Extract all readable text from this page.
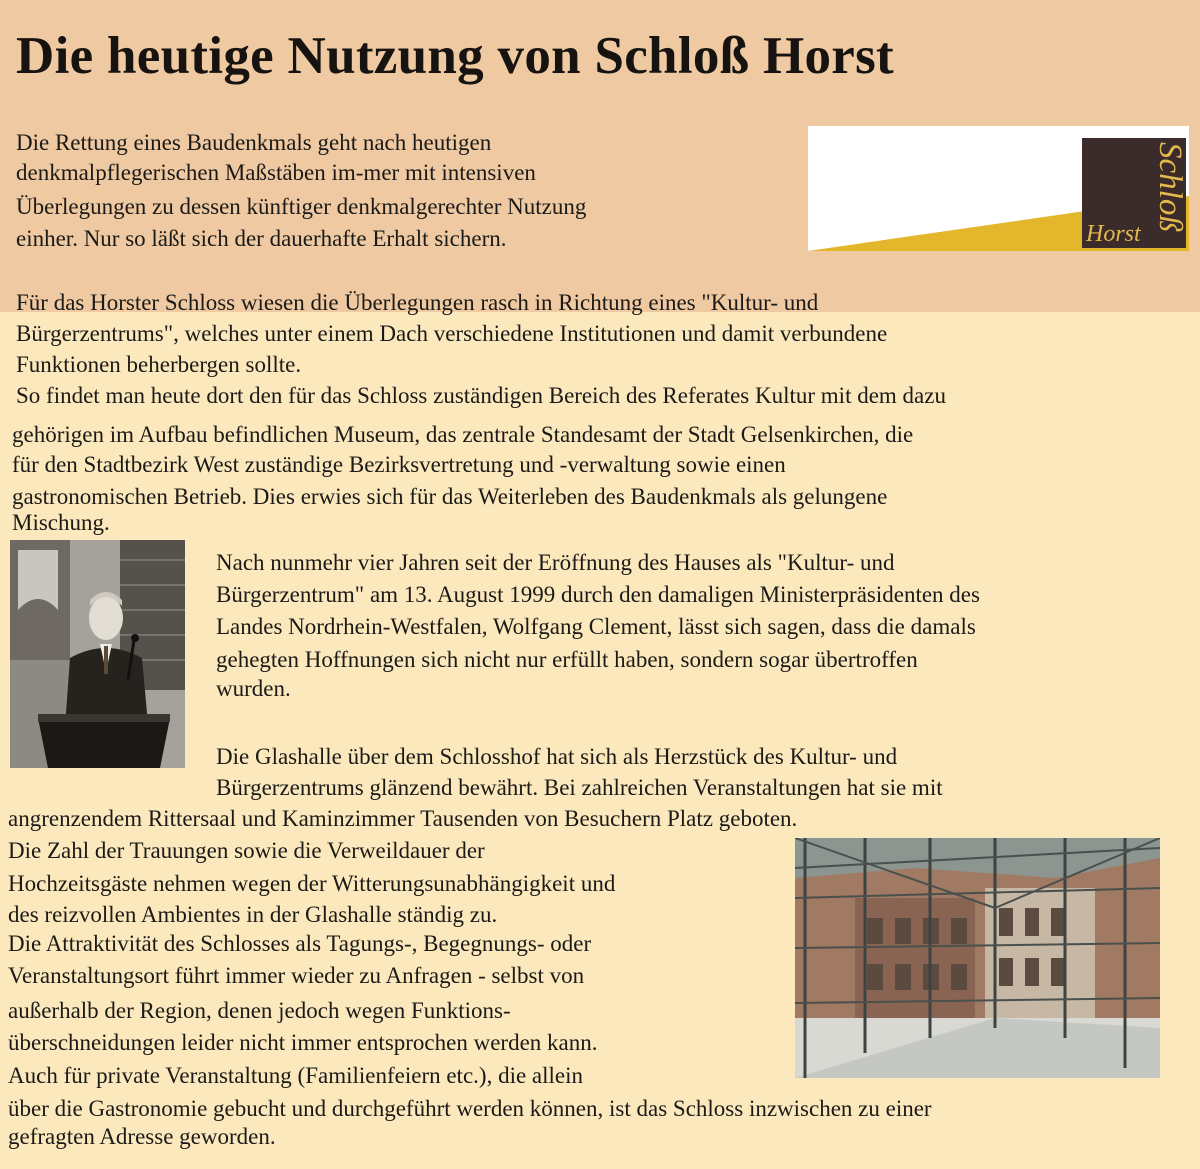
Die heutige Nutzung von Schloß Horst

Die Rettung eines Baudenkmals geht nach heutigen

denkmalpflegerischen Maßstäben im-mer mit intensiven

Überlegungen zu dessen künftiger denkmalgerechter Nutzung

einher. Nur so läßt sich der dauerhafte Erhalt sichern.

Schloß
Horst

Für das Horster Schloss wiesen die Überlegungen rasch in Richtung eines "Kultur- und

Bürgerzentrums", welches unter einem Dach verschiedene Institutionen und damit verbundene

Funktionen beherbergen sollte.

So findet man heute dort den für das Schloss zuständigen Bereich des Referates Kultur mit dem dazu

gehörigen im Aufbau befindlichen Museum, das zentrale Standesamt der Stadt Gelsenkirchen, die

für den Stadtbezirk West zuständige Bezirksvertretung und -verwaltung sowie einen

gastronomischen Betrieb. Dies erwies sich für das Weiterleben des Baudenkmals als gelungene

Mischung.

Nach nunmehr vier Jahren seit der Eröffnung des Hauses als "Kultur- und

Bürgerzentrum" am 13. August 1999 durch den damaligen Ministerpräsidenten des

Landes Nordrhein-Westfalen, Wolfgang Clement, lässt sich sagen, dass die damals

gehegten Hoffnungen sich nicht nur erfüllt haben, sondern sogar übertroffen

wurden.

Die Glashalle über dem Schlosshof hat sich als Herzstück des Kultur- und

Bürgerzentrums glänzend bewährt. Bei zahlreichen Veranstaltungen hat sie mit

angrenzendem Rittersaal und Kaminzimmer Tausenden von Besuchern Platz geboten.

Die Zahl der Trauungen sowie die Verweildauer der

Hochzeitsgäste nehmen wegen der Witterungsunabhängigkeit und

des reizvollen Ambientes in der Glashalle ständig zu.

Die Attraktivität des Schlosses als Tagungs-, Begegnungs- oder

Veranstaltungsort führt immer wieder zu Anfragen - selbst von

außerhalb der Region, denen jedoch wegen Funktions-

überschneidungen leider nicht immer entsprochen werden kann.

Auch für private Veranstaltung (Familienfeiern etc.), die allein

über die Gastronomie gebucht und durchgeführt werden können, ist das Schloss inzwischen zu einer

gefragten Adresse geworden.
